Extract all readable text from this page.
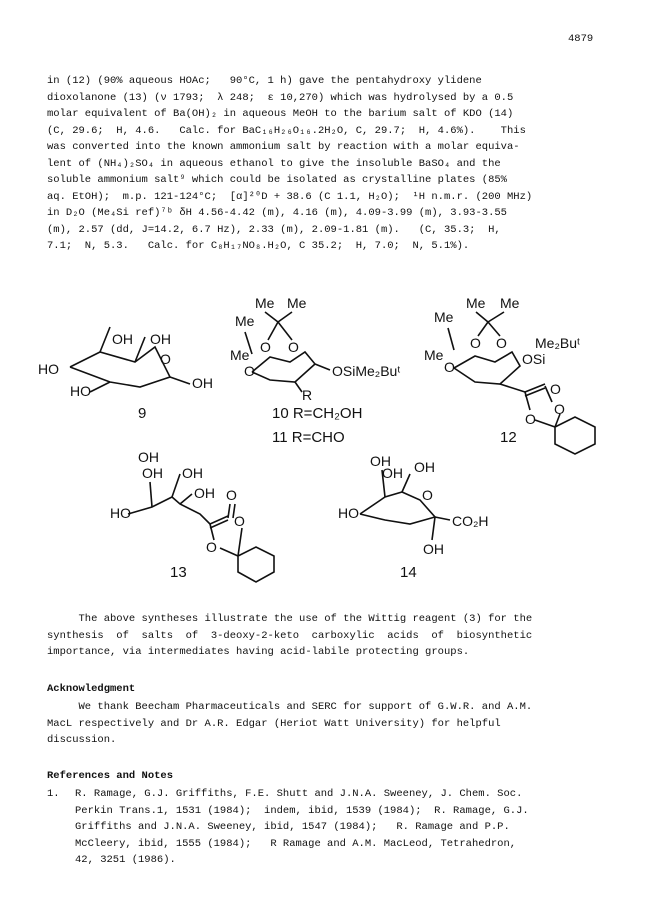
4879
in (12) (90% aqueous HOAc;   90°C, 1 h) gave the pentahydroxy ylidene
dioxolanone (13) (ν 1793;  λ 248;  ε 10,270) which was hydrolysed by a 0.5
molar equivalent of Ba(OH)₂ in aqueous MeOH to the barium salt of KDO (14)
(C, 29.6;  H, 4.6.   Calc. for BaC₁₆H₂₆O₁₆.2H₂O, C, 29.7;  H, 4.6%).    This
was converted into the known ammonium salt by reaction with a molar equiva-
lent of (NH₄)₂SO₄ in aqueous ethanol to give the insoluble BaSO₄ and the
soluble ammonium salt⁹ which could be isolated as crystalline plates (85%
aq. EtOH);  m.p. 121-124°C;  [α]²⁰D + 38.6 (C 1.1, H₂O);  ¹H n.m.r. (200 MHz)
in D₂O (Me₄Si ref)⁷ᵇ δH 4.56-4.42 (m), 4.16 (m), 4.09-3.99 (m), 3.93-3.55
(m), 2.57 (dd, J=14.2, 6.7 Hz), 2.33 (m), 2.09-1.81 (m).   (C, 35.3;  H,
7.1;  N, 5.3.   Calc. for C₈H₁₇NO₈.H₂O, C 35.2;  H, 7.0;  N, 5.1%).
OH OH
O
HO
HO	OH
9
Me Me
Me
O O
Me
O	OSiMe₂Buᵗ
R
10 R=CH₂OH
11 R=CHO
Me Me
Me
Me
O O
O	OSi
Me₂Buᵗ
O
O
O
12
OH
OH OH
OH
HO
O
O
O
13
OH
OH OH
O
HO	CO₂H
OH
14
The above syntheses illustrate the use of the Wittig reagent (3) for the
synthesis  of  salts  of  3-deoxy-2-keto  carboxylic  acids  of  biosynthetic
importance, via intermediates having acid-labile protecting groups.
Acknowledgment
We thank Beecham Pharmaceuticals and SERC for support of G.W.R. and A.M.
MacL respectively and Dr A.R. Edgar (Heriot Watt University) for helpful
discussion.
References and Notes
1. R. Ramage, G.J. Griffiths, F.E. Shutt and J.N.A. Sweeney, J. Chem. Soc.
Perkin Trans.1, 1531 (1984);  indem, ibid, 1539 (1984);  R. Ramage, G.J.
Griffiths and J.N.A. Sweeney, ibid, 1547 (1984);   R. Ramage and P.P.
McCleery, ibid, 1555 (1984);   R Ramage and A.M. MacLeod, Tetrahedron,
42, 3251 (1986).
